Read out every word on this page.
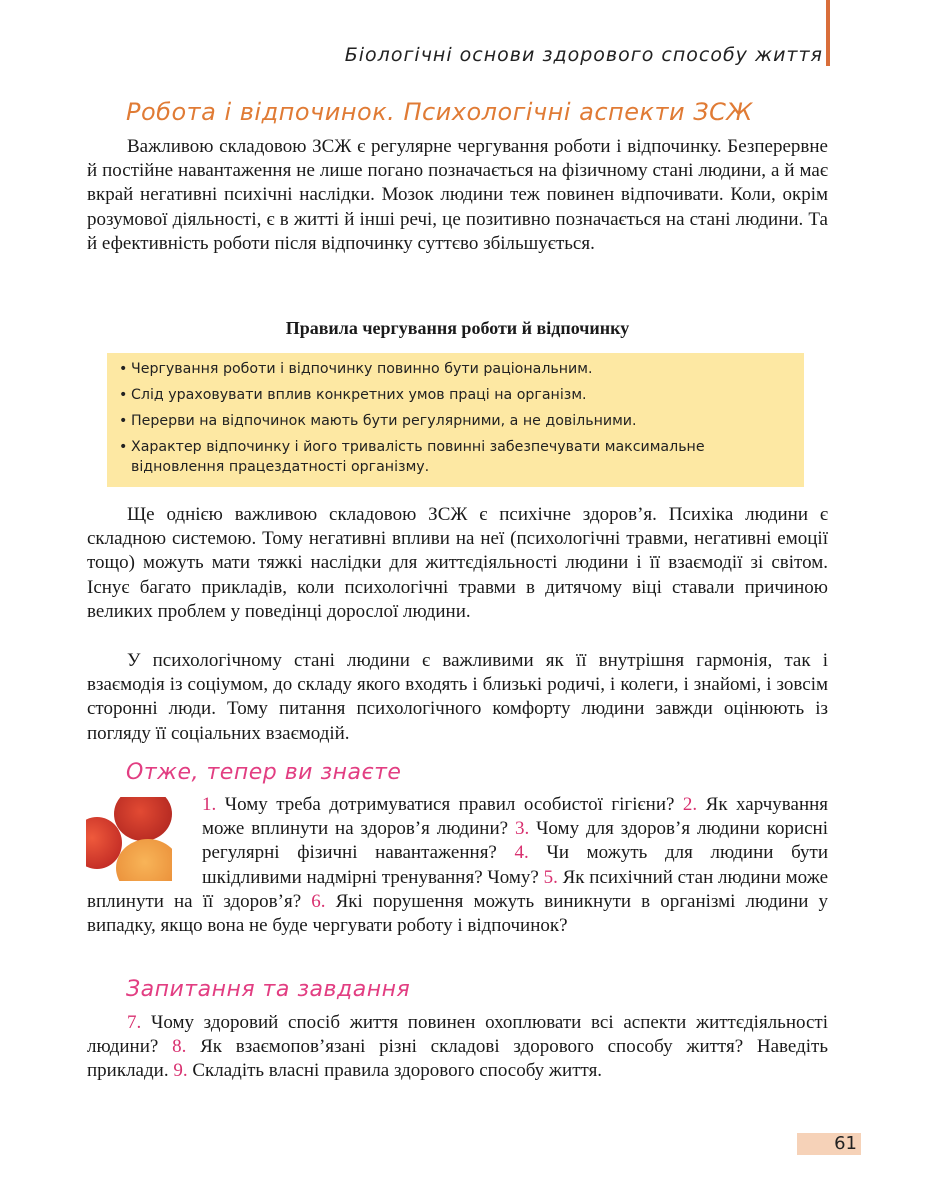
Біологічні основи здорового способу життя
Робота і відпочинок. Психологічні аспекти ЗСЖ

Важливою складовою ЗСЖ є регулярне чергування роботи і відпочинку. Безперервне й постійне навантаження не лише погано позначається на фізичному стані людини, а й має вкрай негативні психічні наслідки. Мозок людини теж повинен відпочивати. Коли, окрім розумової діяльності, є в житті й інші речі, це позитивно позначається на стані людини. Та й ефективність роботи після відпочинку суттєво збільшується.

Правила чергування роботи й відпочинку

• Чергування роботи і відпочинку повинно бути раціональним.
• Слід ураховувати вплив конкретних умов праці на організм.
• Перерви на відпочинок мають бути регулярними, а не довільними.
• Характер відпочинку і його тривалість повинні забезпечувати максимальне відновлення працездатності організму.

Ще однією важливою складовою ЗСЖ є психічне здоров’я. Психіка людини є складною системою. Тому негативні впливи на неї (психологічні травми, негативні емоції тощо) можуть мати тяжкі наслідки для життєдіяльності людини і її взаємодії зі світом. Існує багато прикладів, коли психологічні травми в дитячому віці ставали причиною великих проблем у поведінці дорослої людини.

У психологічному стані людини є важливими як її внутрішня гармонія, так і взаємодія із соціумом, до складу якого входять і близькі родичі, і колеги, і знайомі, і зовсім сторонні люди. Тому питання психологічного комфорту людини завжди оцінюють із погляду її соціальних взаємодій.

Отже, тепер ви знаєте

1. Чому треба дотримуватися правил особистої гігієни? 2. Як харчування може вплинути на здоров’я людини? 3. Чому для здоров’я людини корисні регулярні фізичні навантаження? 4. Чи можуть для людини бути шкідливими надмірні тренування? Чому? 5. Як психічний стан людини може вплинути на її здоров’я? 6. Які порушення можуть виникнути в організмі людини у випадку, якщо вона не буде чергувати роботу і відпочинок?

Запитання та завдання

7. Чому здоровий спосіб життя повинен охоплювати всі аспекти життєдіяльності людини? 8. Як взаємопов’язані різні складові здорового способу життя? Наведіть приклади. 9. Складіть власні правила здорового способу життя.

61
